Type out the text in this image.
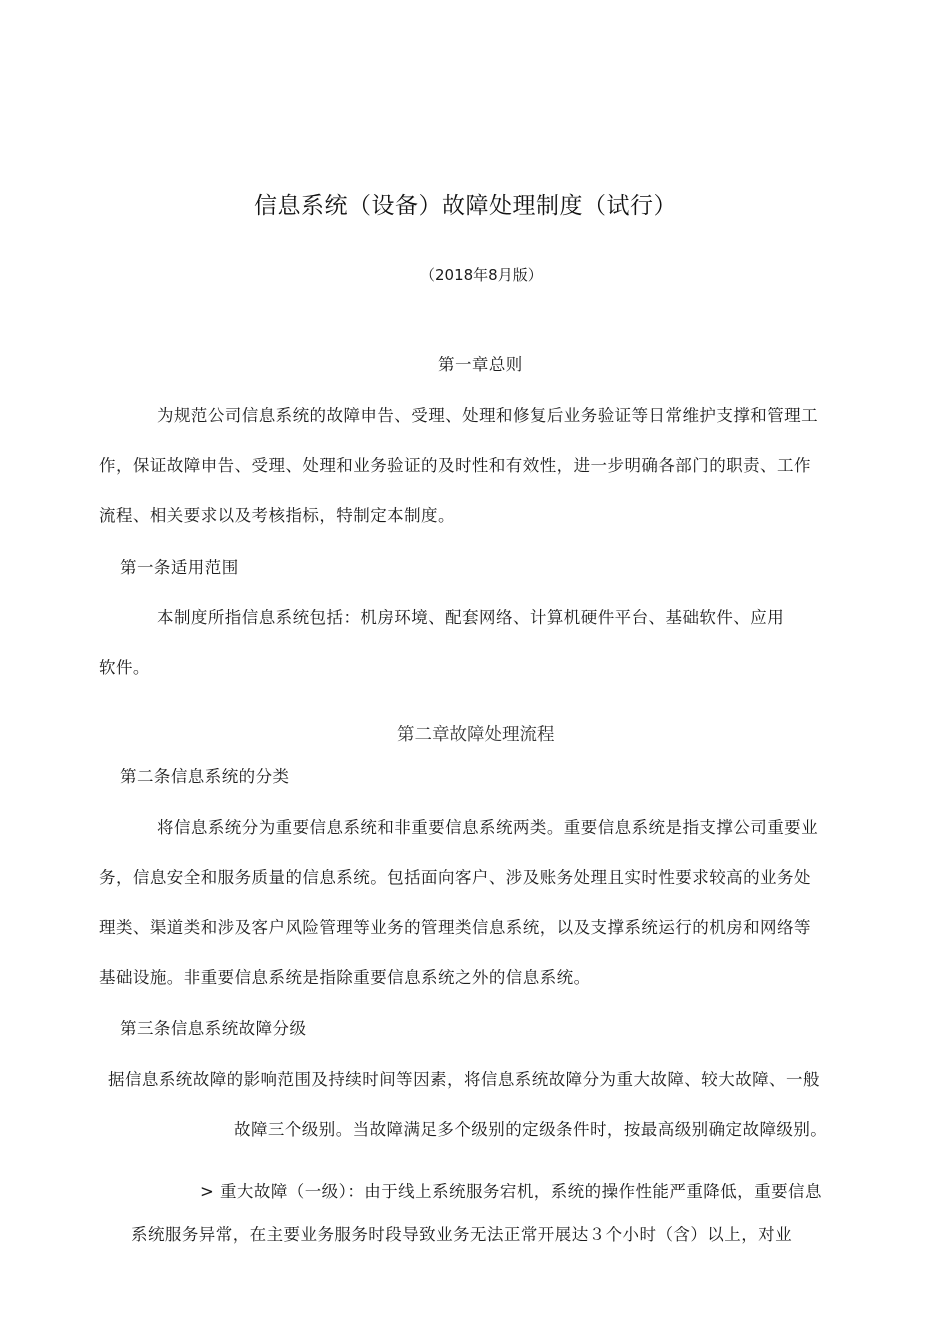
信息系统（设备）故障处理制度（试行）
（2018年8月版）
第一章总则
为规范公司信息系统的故障申告、受理、处理和修复后业务验证等日常维护支撑和管理工
作，保证故障申告、受理、处理和业务验证的及时性和有效性，进一步明确各部门的职责、工作
流程、相关要求以及考核指标，特制定本制度。
第一条适用范围
本制度所指信息系统包括：机房环境、配套网络、计算机硬件平台、基础软件、应用
软件。
第二章故障处理流程
第二条信息系统的分类
将信息系统分为重要信息系统和非重要信息系统两类。重要信息系统是指支撑公司重要业
务，信息安全和服务质量的信息系统。包括面向客户、涉及账务处理且实时性要求较高的业务处
理类、渠道类和涉及客户风险管理等业务的管理类信息系统，以及支撑系统运行的机房和网络等
基础设施。非重要信息系统是指除重要信息系统之外的信息系统。
第三条信息系统故障分级
据信息系统故障的影响范围及持续时间等因素，将信息系统故障分为重大故障、较大故障、一般
故障三个级别。当故障满足多个级别的定级条件时，按最高级别确定故障级别。
> 重大故障（一级）：由于线上系统服务宕机，系统的操作性能严重降低，重要信息
系统服务异常，在主要业务服务时段导致业务无法正常开展达３个小时（含）以上，对业
